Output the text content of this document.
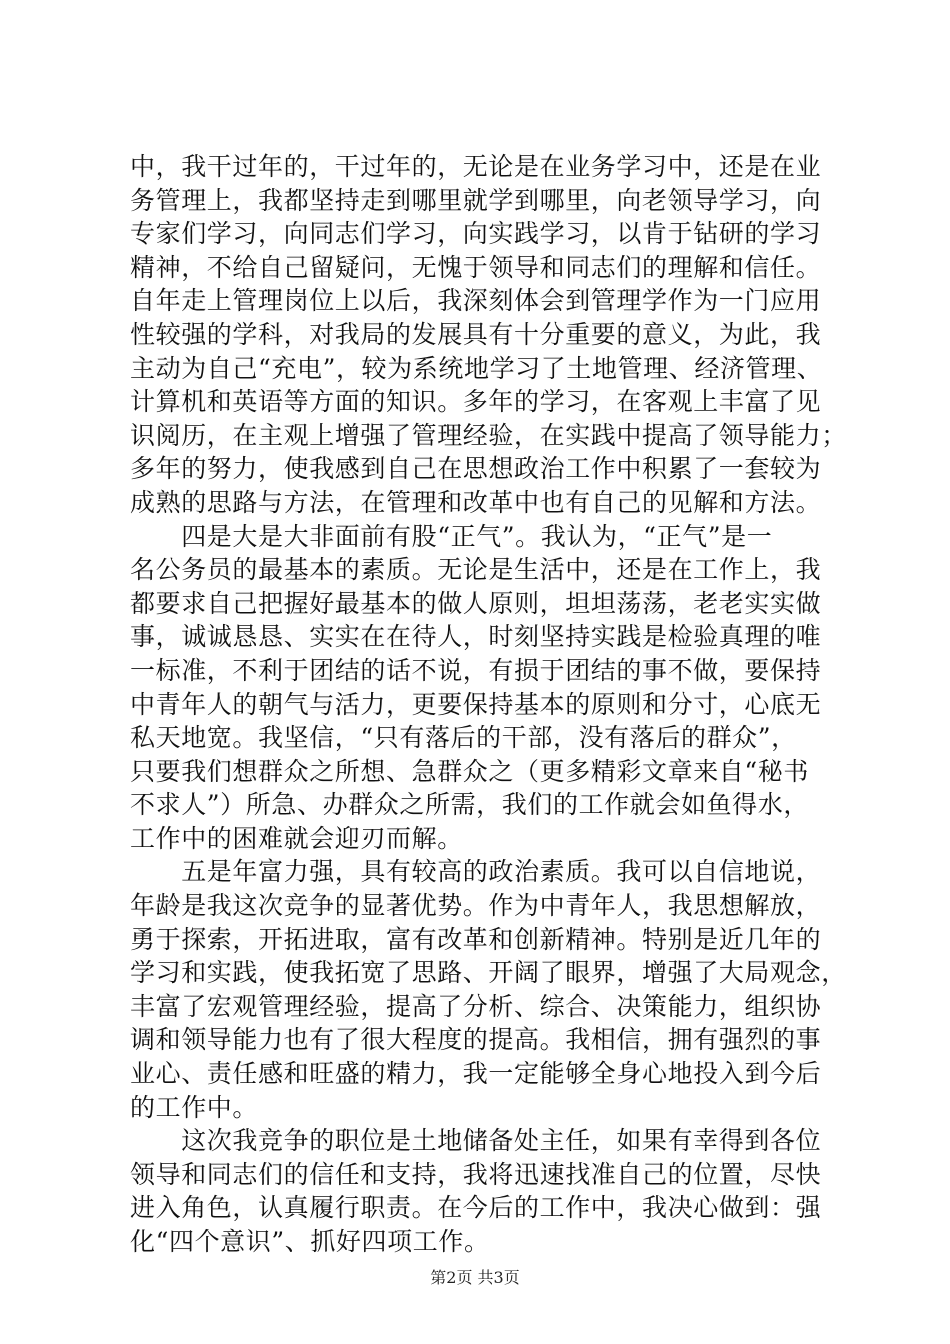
中，我干过年的，干过年的，无论是在业务学习中，还是在业
务管理上，我都坚持走到哪里就学到哪里，向老领导学习，向
专家们学习，向同志们学习，向实践学习，以肯于钻研的学习
精神，不给自己留疑问，无愧于领导和同志们的理解和信任。
自年走上管理岗位上以后，我深刻体会到管理学作为一门应用
性较强的学科，对我局的发展具有十分重要的意义，为此，我
主动为自己“充电”，较为系统地学习了土地管理、经济管理、
计算机和英语等方面的知识。多年的学习，在客观上丰富了见
识阅历，在主观上增强了管理经验，在实践中提高了领导能力；
多年的努力，使我感到自己在思想政治工作中积累了一套较为
成熟的思路与方法，在管理和改革中也有自己的见解和方法。
　　四是大是大非面前有股“正气”。我认为，“正气”是一
名公务员的最基本的素质。无论是生活中，还是在工作上，我
都要求自己把握好最基本的做人原则，坦坦荡荡，老老实实做
事，诚诚恳恳、实实在在待人，时刻坚持实践是检验真理的唯
一标准，不利于团结的话不说，有损于团结的事不做，要保持
中青年人的朝气与活力，更要保持基本的原则和分寸，心底无
私天地宽。我坚信，“只有落后的干部，没有落后的群众”，
只要我们想群众之所想、急群众之（更多精彩文章来自“秘书
不求人”）所急、办群众之所需，我们的工作就会如鱼得水，
工作中的困难就会迎刃而解。
　　五是年富力强，具有较高的政治素质。我可以自信地说，
年龄是我这次竞争的显著优势。作为中青年人，我思想解放，
勇于探索，开拓进取，富有改革和创新精神。特别是近几年的
学习和实践，使我拓宽了思路、开阔了眼界，增强了大局观念，
丰富了宏观管理经验，提高了分析、综合、决策能力，组织协
调和领导能力也有了很大程度的提高。我相信，拥有强烈的事
业心、责任感和旺盛的精力，我一定能够全身心地投入到今后
的工作中。
　　这次我竞争的职位是土地储备处主任，如果有幸得到各位
领导和同志们的信任和支持，我将迅速找准自己的位置，尽快
进入角色，认真履行职责。在今后的工作中，我决心做到：强
化“四个意识”、抓好四项工作。
第2页 共3页
